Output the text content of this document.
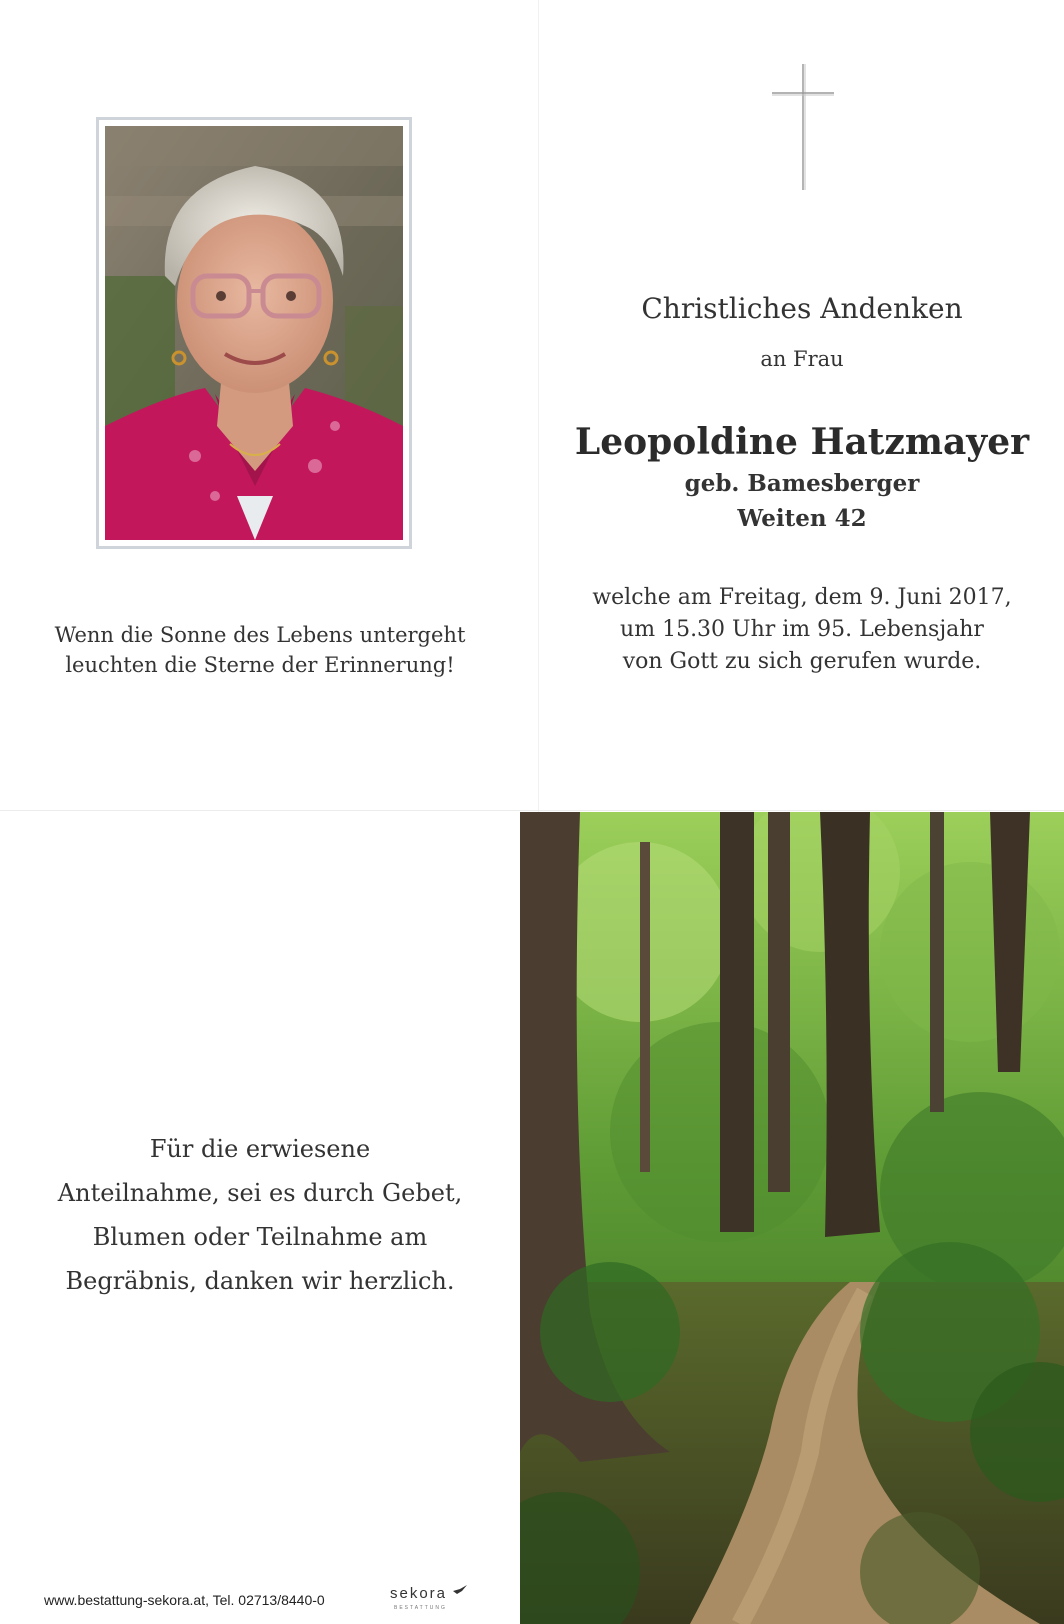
Wenn die Sonne des Lebens untergeht
leuchten die Sterne der Erinnerung!
Christliches Andenken
an Frau
Leopoldine Hatzmayer
geb. Bamesberger
Weiten 42
welche am Freitag, dem 9. Juni 2017,
um 15.30 Uhr im 95. Lebensjahr
von Gott zu sich gerufen wurde.
Für die erwiesene
Anteilnahme, sei es durch Gebet,
Blumen oder Teilnahme am
Begräbnis, danken wir herzlich.
www.bestattung-sekora.at, Tel. 02713/8440-0	sekora
BESTATTUNG
